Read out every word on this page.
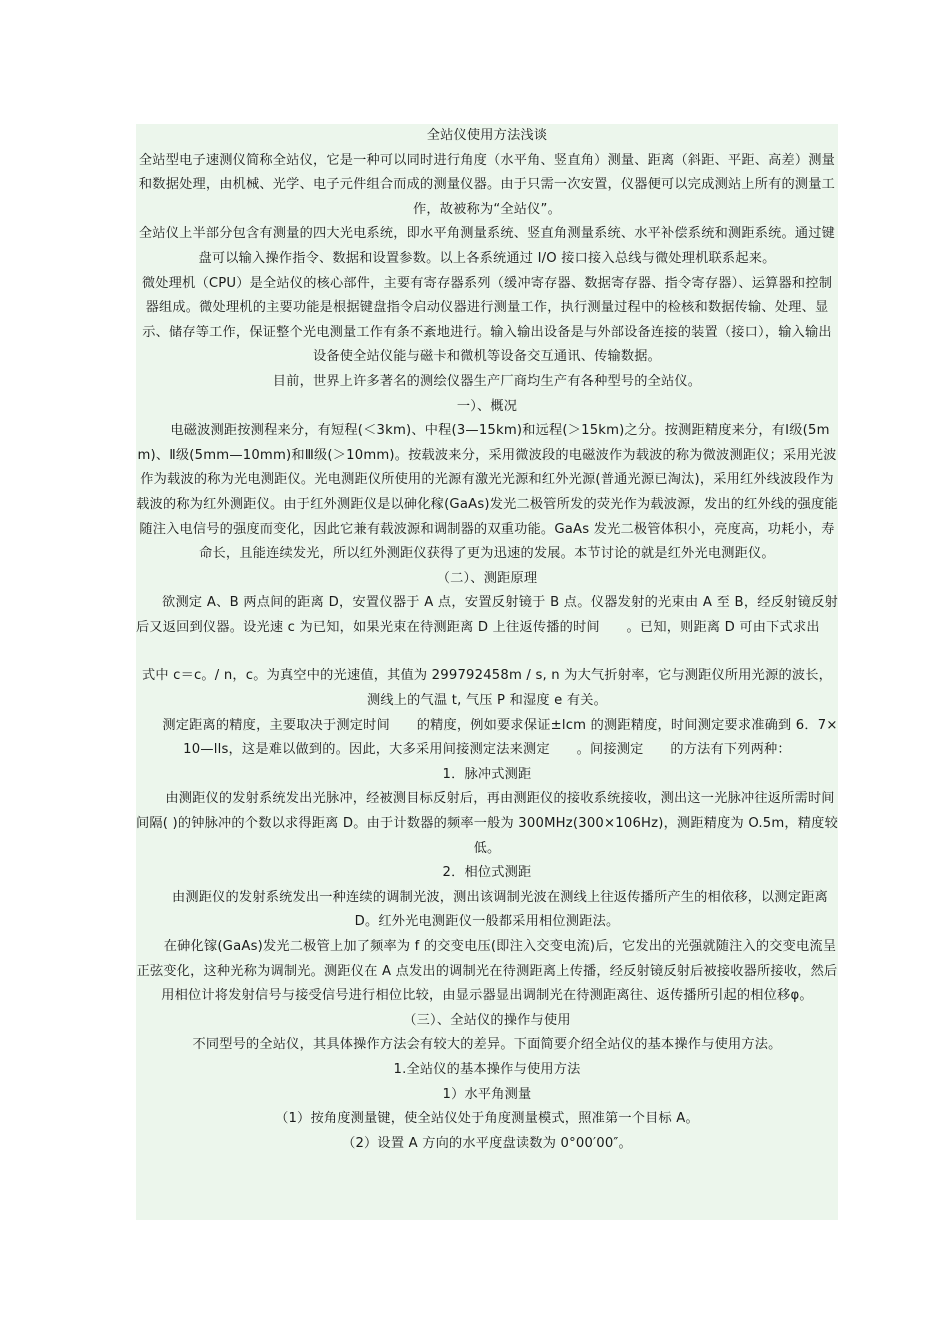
全站仪使用方法浅谈
全站型电子速测仪简称全站仪，它是一种可以同时进行角度（水平角、竖直角）测量、距离（斜距、平距、高差）测量和数据处理，由机械、光学、电子元件组合而成的测量仪器。由于只需一次安置，仪器便可以完成测站上所有的测量工作，故被称为“全站仪”。
全站仪上半部分包含有测量的四大光电系统，即水平角测量系统、竖直角测量系统、水平补偿系统和测距系统。通过键盘可以输入操作指令、数据和设置参数。以上各系统通过 I/O 接口接入总线与微处理机联系起来。
微处理机（CPU）是全站仪的核心部件，主要有寄存器系列（缓冲寄存器、数据寄存器、指令寄存器）、运算器和控制器组成。微处理机的主要功能是根据键盘指令启动仪器进行测量工作，执行测量过程中的检核和数据传输、处理、显示、储存等工作，保证整个光电测量工作有条不紊地进行。输入输出设备是与外部设备连接的装置（接口），输入输出设备使全站仪能与磁卡和微机等设备交互通讯、传输数据。
目前，世界上许多著名的测绘仪器生产厂商均生产有各种型号的全站仪。
一）、概况
电磁波测距按测程来分，有短程(＜3km)、中程(3—15km)和远程(＞15km)之分。按测距精度来分，有Ⅰ级(5mm)、Ⅱ级(5mm—10mm)和Ⅲ级(＞10mm)。按载波来分，采用微波段的电磁波作为载波的称为微波测距仪；采用光波作为载波的称为光电测距仪。光电测距仪所使用的光源有激光光源和红外光源(普通光源已淘汰)，采用红外线波段作为载波的称为红外测距仪。由于红外测距仪是以砷化稼(GaAs)发光二极管所发的荧光作为载波源，发出的红外线的强度能随注入电信号的强度而变化，因此它兼有载波源和调制器的双重功能。GaAs 发光二极管体积小，亮度高，功耗小，寿命长，且能连续发光，所以红外测距仪获得了更为迅速的发展。本节讨论的就是红外光电测距仪。
（二）、测距原理
欲测定 A、B 两点间的距离 D，安置仪器于 A 点，安置反射镜于 B 点。仪器发射的光束由 A 至 B，经反射镜反射后又返回到仪器。设光速 c 为已知，如果光束在待测距离 D 上往返传播的时间　　。已知，则距离 D 可由下式求出
式中 c＝c。/ n，c。为真空中的光速值，其值为 299792458m / s, n 为大气折射率，它与测距仪所用光源的波长，测线上的气温 t, 气压 P 和湿度 e 有关。
测定距离的精度，主要取决于测定时间　　的精度，例如要求保证±lcm 的测距精度，时间测定要求准确到 6．7×10—lls，这是难以做到的。因此，大多采用间接测定法来测定　　。间接测定　　的方法有下列两种：
1．脉冲式测距
由测距仪的发射系统发出光脉冲，经被测目标反射后，再由测距仪的接收系统接收，测出这一光脉冲往返所需时间间隔( )的钟脉冲的个数以求得距离 D。由于计数器的频率一般为 300MHz(300×106Hz)，测距精度为 O.5m，精度较低。
2．相位式测距
由测距仪的发射系统发出一种连续的调制光波，测出该调制光波在测线上往返传播所产生的相依移，以测定距离 D。红外光电测距仪一般都采用相位测距法。
在砷化镓(GaAs)发光二极管上加了频率为 f 的交变电压(即注入交变电流)后，它发出的光强就随注入的交变电流呈正弦变化，这种光称为调制光。测距仪在 A 点发出的调制光在待测距离上传播，经反射镜反射后被接收器所接收，然后用相位计将发射信号与接受信号进行相位比较，由显示器显出调制光在待测距离往、返传播所引起的相位移φ。
（三）、全站仪的操作与使用
不同型号的全站仪，其具体操作方法会有较大的差异。下面简要介绍全站仪的基本操作与使用方法。
1.全站仪的基本操作与使用方法
1）水平角测量
（1）按角度测量键，使全站仪处于角度测量模式，照准第一个目标 A。
（2）设置 A 方向的水平度盘读数为 0°00′00″。
